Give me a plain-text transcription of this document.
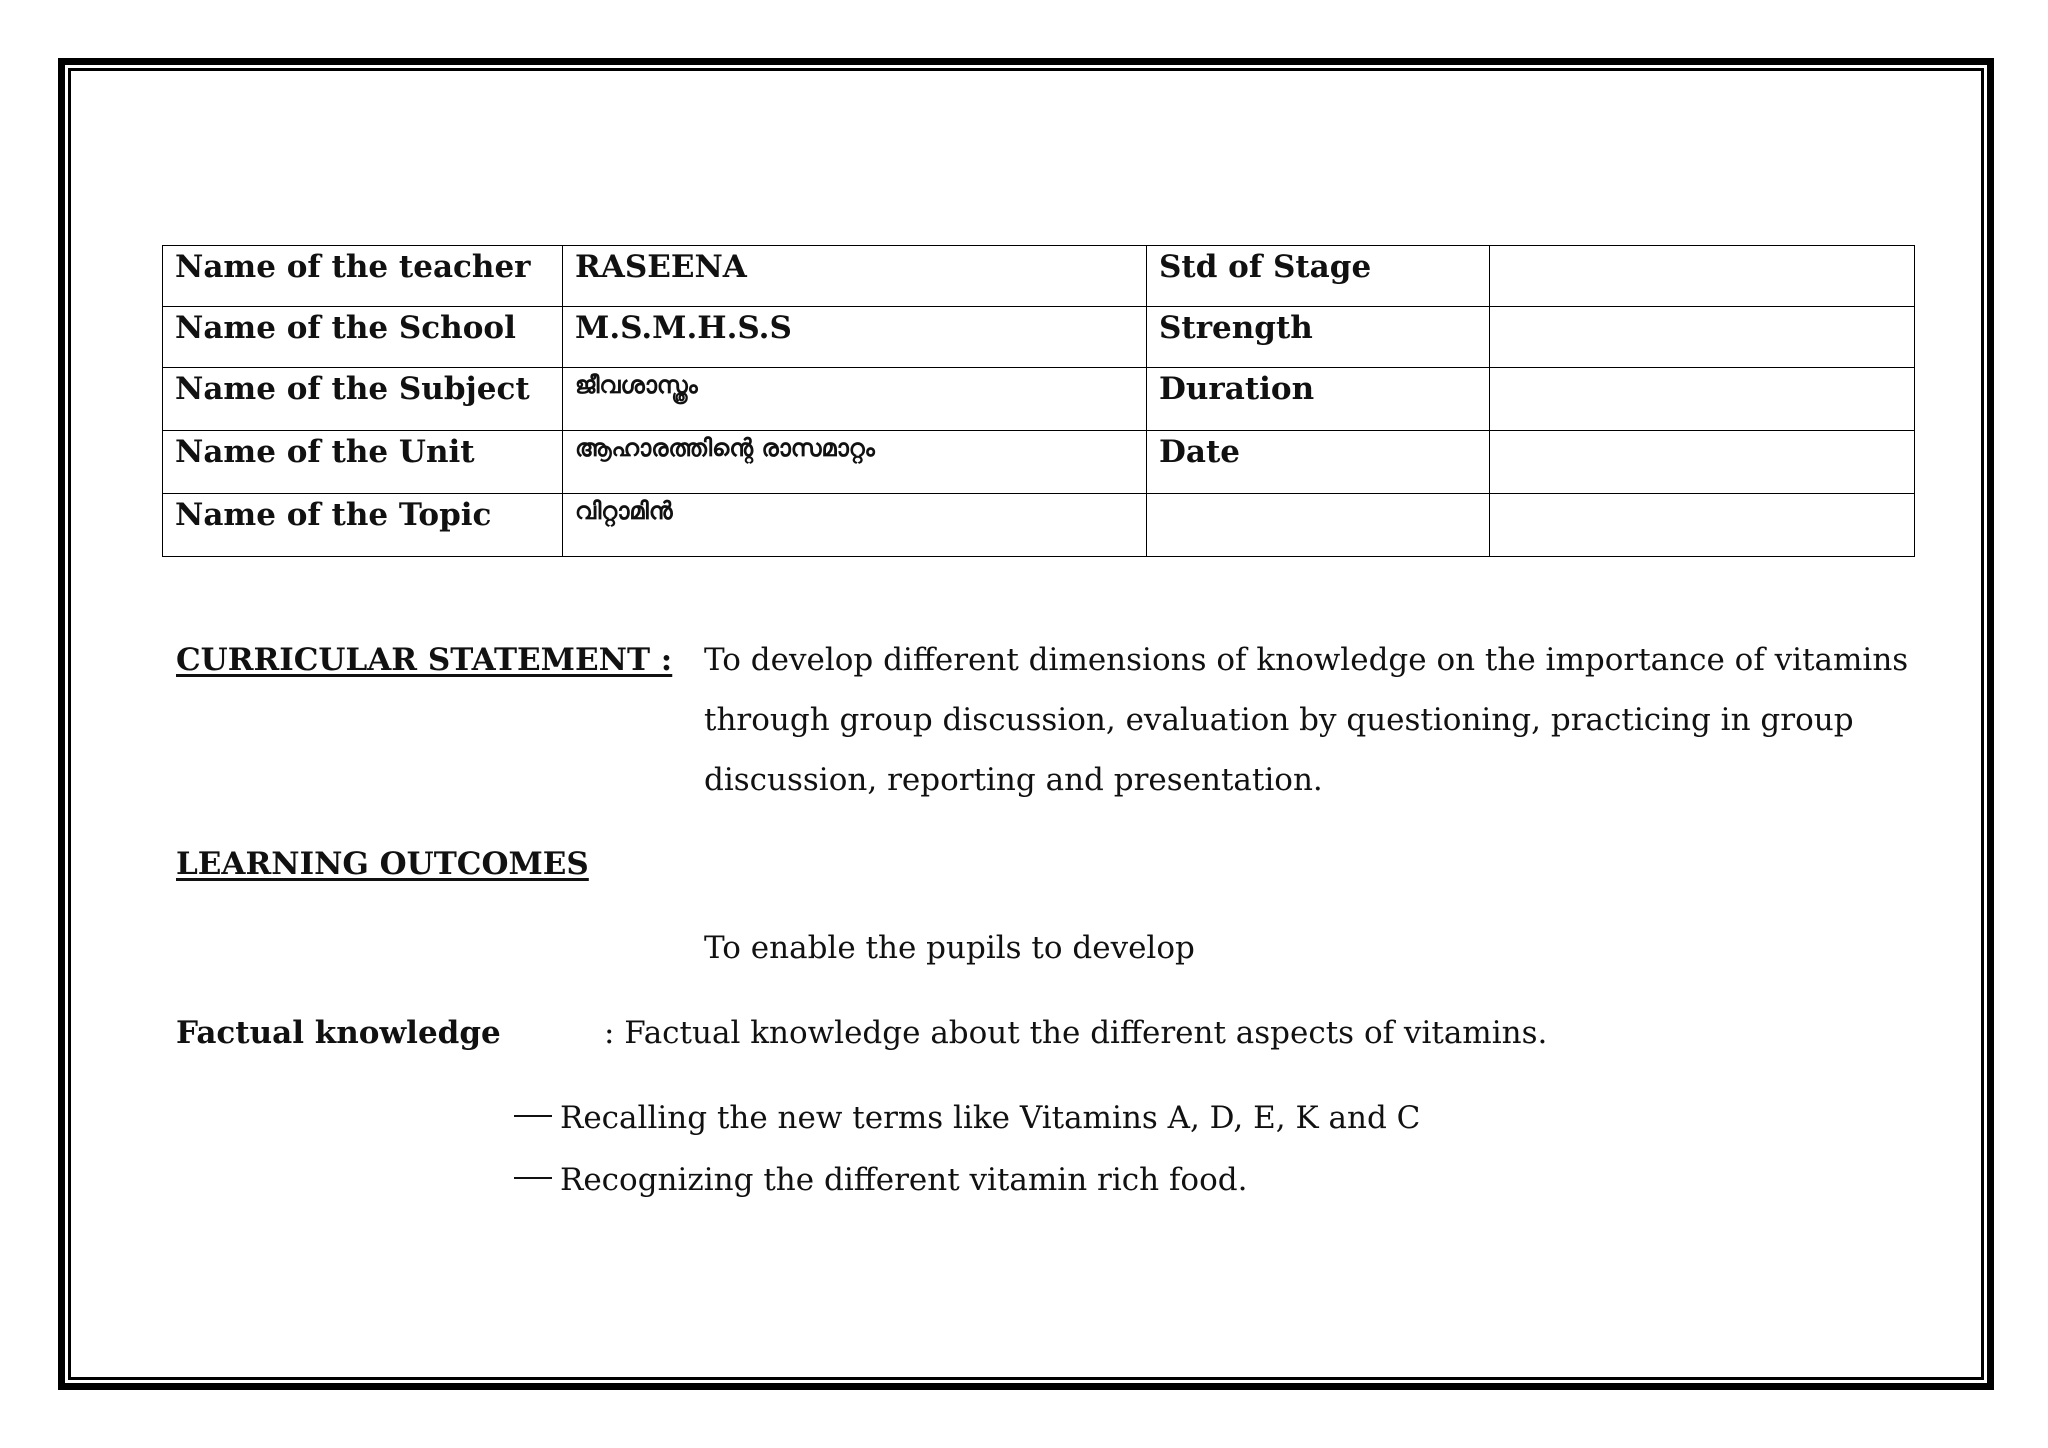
Name of the teacher	RASEENA	Std of Stage	
Name of the School	M.S.M.H.S.S	Strength	
Name of the Subject	ജീവശാസ്ത്രം	Duration	
Name of the Unit	ആഹാരത്തിന്റെ രാസമാറ്റം	Date	
Name of the Topic	വിറ്റാമിൻ		
CURRICULAR STATEMENT : To develop different dimensions of knowledge on the importance of vitamins
through group discussion, evaluation by questioning, practicing in group
discussion, reporting and presentation.
LEARNING OUTCOMES
To enable the pupils to develop
Factual knowledge	: Factual knowledge about the different aspects of vitamins.
Recalling the new terms like Vitamins A, D, E, K and C
Recognizing the different vitamin rich food.
